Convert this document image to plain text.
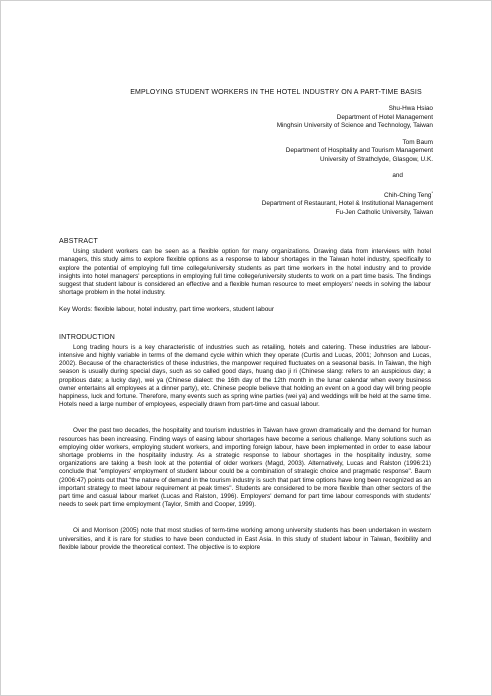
EMPLOYING STUDENT WORKERS IN THE HOTEL INDUSTRY ON A PART-TIME BASIS
Shu-Hwa Hsiao
Department of Hotel Management
Minghsin University of Science and Technology, Taiwan
Tom Baum
Department of Hospitality and Tourism Management
University of Strathclyde, Glasgow, U.K.
and
Chih-Ching Teng*
Department of Restaurant, Hotel & Institutional Management
Fu-Jen Catholic University, Taiwan
ABSTRACT

Using student workers can be seen as a flexible option for many organizations. Drawing data from interviews with hotel managers, this study aims to explore flexible options as a response to labour shortages in the Taiwan hotel industry, specifically to explore the potential of employing full time college/university students as part time workers in the hotel industry and to provide insights into hotel managers' perceptions in employing full time college/university students to work on a part time basis. The findings suggest that student labour is considered an effective and a flexible human resource to meet employers' needs in solving the labour shortage problem in the hotel industry.

Key Words: flexible labour, hotel industry, part time workers, student labour
INTRODUCTION

Long trading hours is a key characteristic of industries such as retailing, hotels and catering. These industries are labour-intensive and highly variable in terms of the demand cycle within which they operate (Curtis and Lucas, 2001; Johnson and Lucas, 2002). Because of the characteristics of these industries, the manpower required fluctuates on a seasonal basis. In Taiwan, the high season is usually during special days, such as so called good days, huang dao ji ri (Chinese slang: refers to an auspicious day; a propitious date; a lucky day), wei ya (Chinese dialect: the 16th day of the 12th month in the lunar calendar when every business owner entertains all employees at a dinner party), etc. Chinese people believe that holding an event on a good day will bring people happiness, luck and fortune. Therefore, many events such as spring wine parties (wei ya) and weddings will be held at the same time. Hotels need a large number of employees, especially drawn from part-time and casual labour.

Over the past two decades, the hospitality and tourism industries in Taiwan have grown dramatically and the demand for human resources has been increasing. Finding ways of easing labour shortages have become a serious challenge. Many solutions such as employing older workers, employing student workers, and importing foreign labour, have been implemented in order to ease labour shortage problems in the hospitality industry. As a strategic response to labour shortages in the hospitality industry, some organizations are taking a fresh look at the potential of older workers (Magd, 2003). Alternatively, Lucas and Ralston (1996:21) conclude that "employers' employment of student labour could be a combination of strategic choice and pragmatic response". Baum (2006:47) points out that "the nature of demand in the tourism industry is such that part time options have long been recognized as an important strategy to meet labour requirement at peak times". Students are considered to be more flexible than other sectors of the part time and casual labour market (Lucas and Ralston, 1996). Employers' demand for part time labour corresponds with students' needs to seek part time employment (Taylor, Smith and Cooper, 1999).

Oi and Morrison (2005) note that most studies of term-time working among university students has been undertaken in western universities, and it is rare for studies to have been conducted in East Asia. In this study of student labour in Taiwan, flexibility and flexible labour provide the theoretical context. The objective is to explore
